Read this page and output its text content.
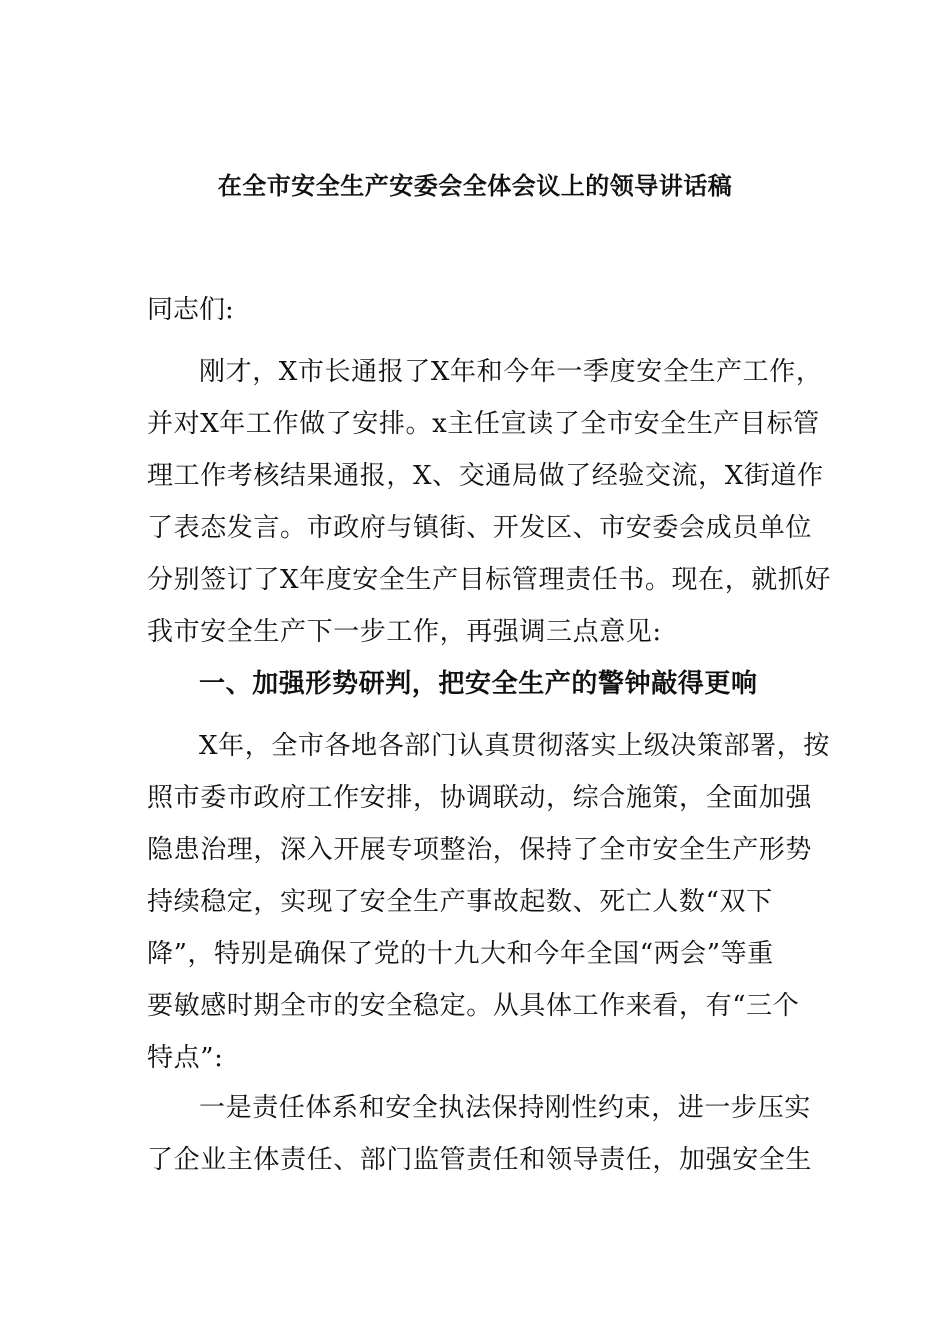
在全市安全生产安委会全体会议上的领导讲话稿
同志们:
刚才，X市长通报了X年和今年一季度安全生产工作，
并对X年工作做了安排。x主任宣读了全市安全生产目标管
理工作考核结果通报，X、交通局做了经验交流，X街道作
了表态发言。市政府与镇街、开发区、市安委会成员单位
分别签订了X年度安全生产目标管理责任书。现在，就抓好
我市安全生产下一步工作，再强调三点意见:
一、加强形势研判，把安全生产的警钟敲得更响
X年，全市各地各部门认真贯彻落实上级决策部署，按
照市委市政府工作安排，协调联动，综合施策，全面加强
隐患治理，深入开展专项整治，保持了全市安全生产形势
持续稳定，实现了安全生产事故起数、死亡人数“双下
降”，特别是确保了党的十九大和今年全国“两会”等重
要敏感时期全市的安全稳定。从具体工作来看，有“三个
特点”:
一是责任体系和安全执法保持刚性约束，进一步压实
了企业主体责任、部门监管责任和领导责任，加强安全生
